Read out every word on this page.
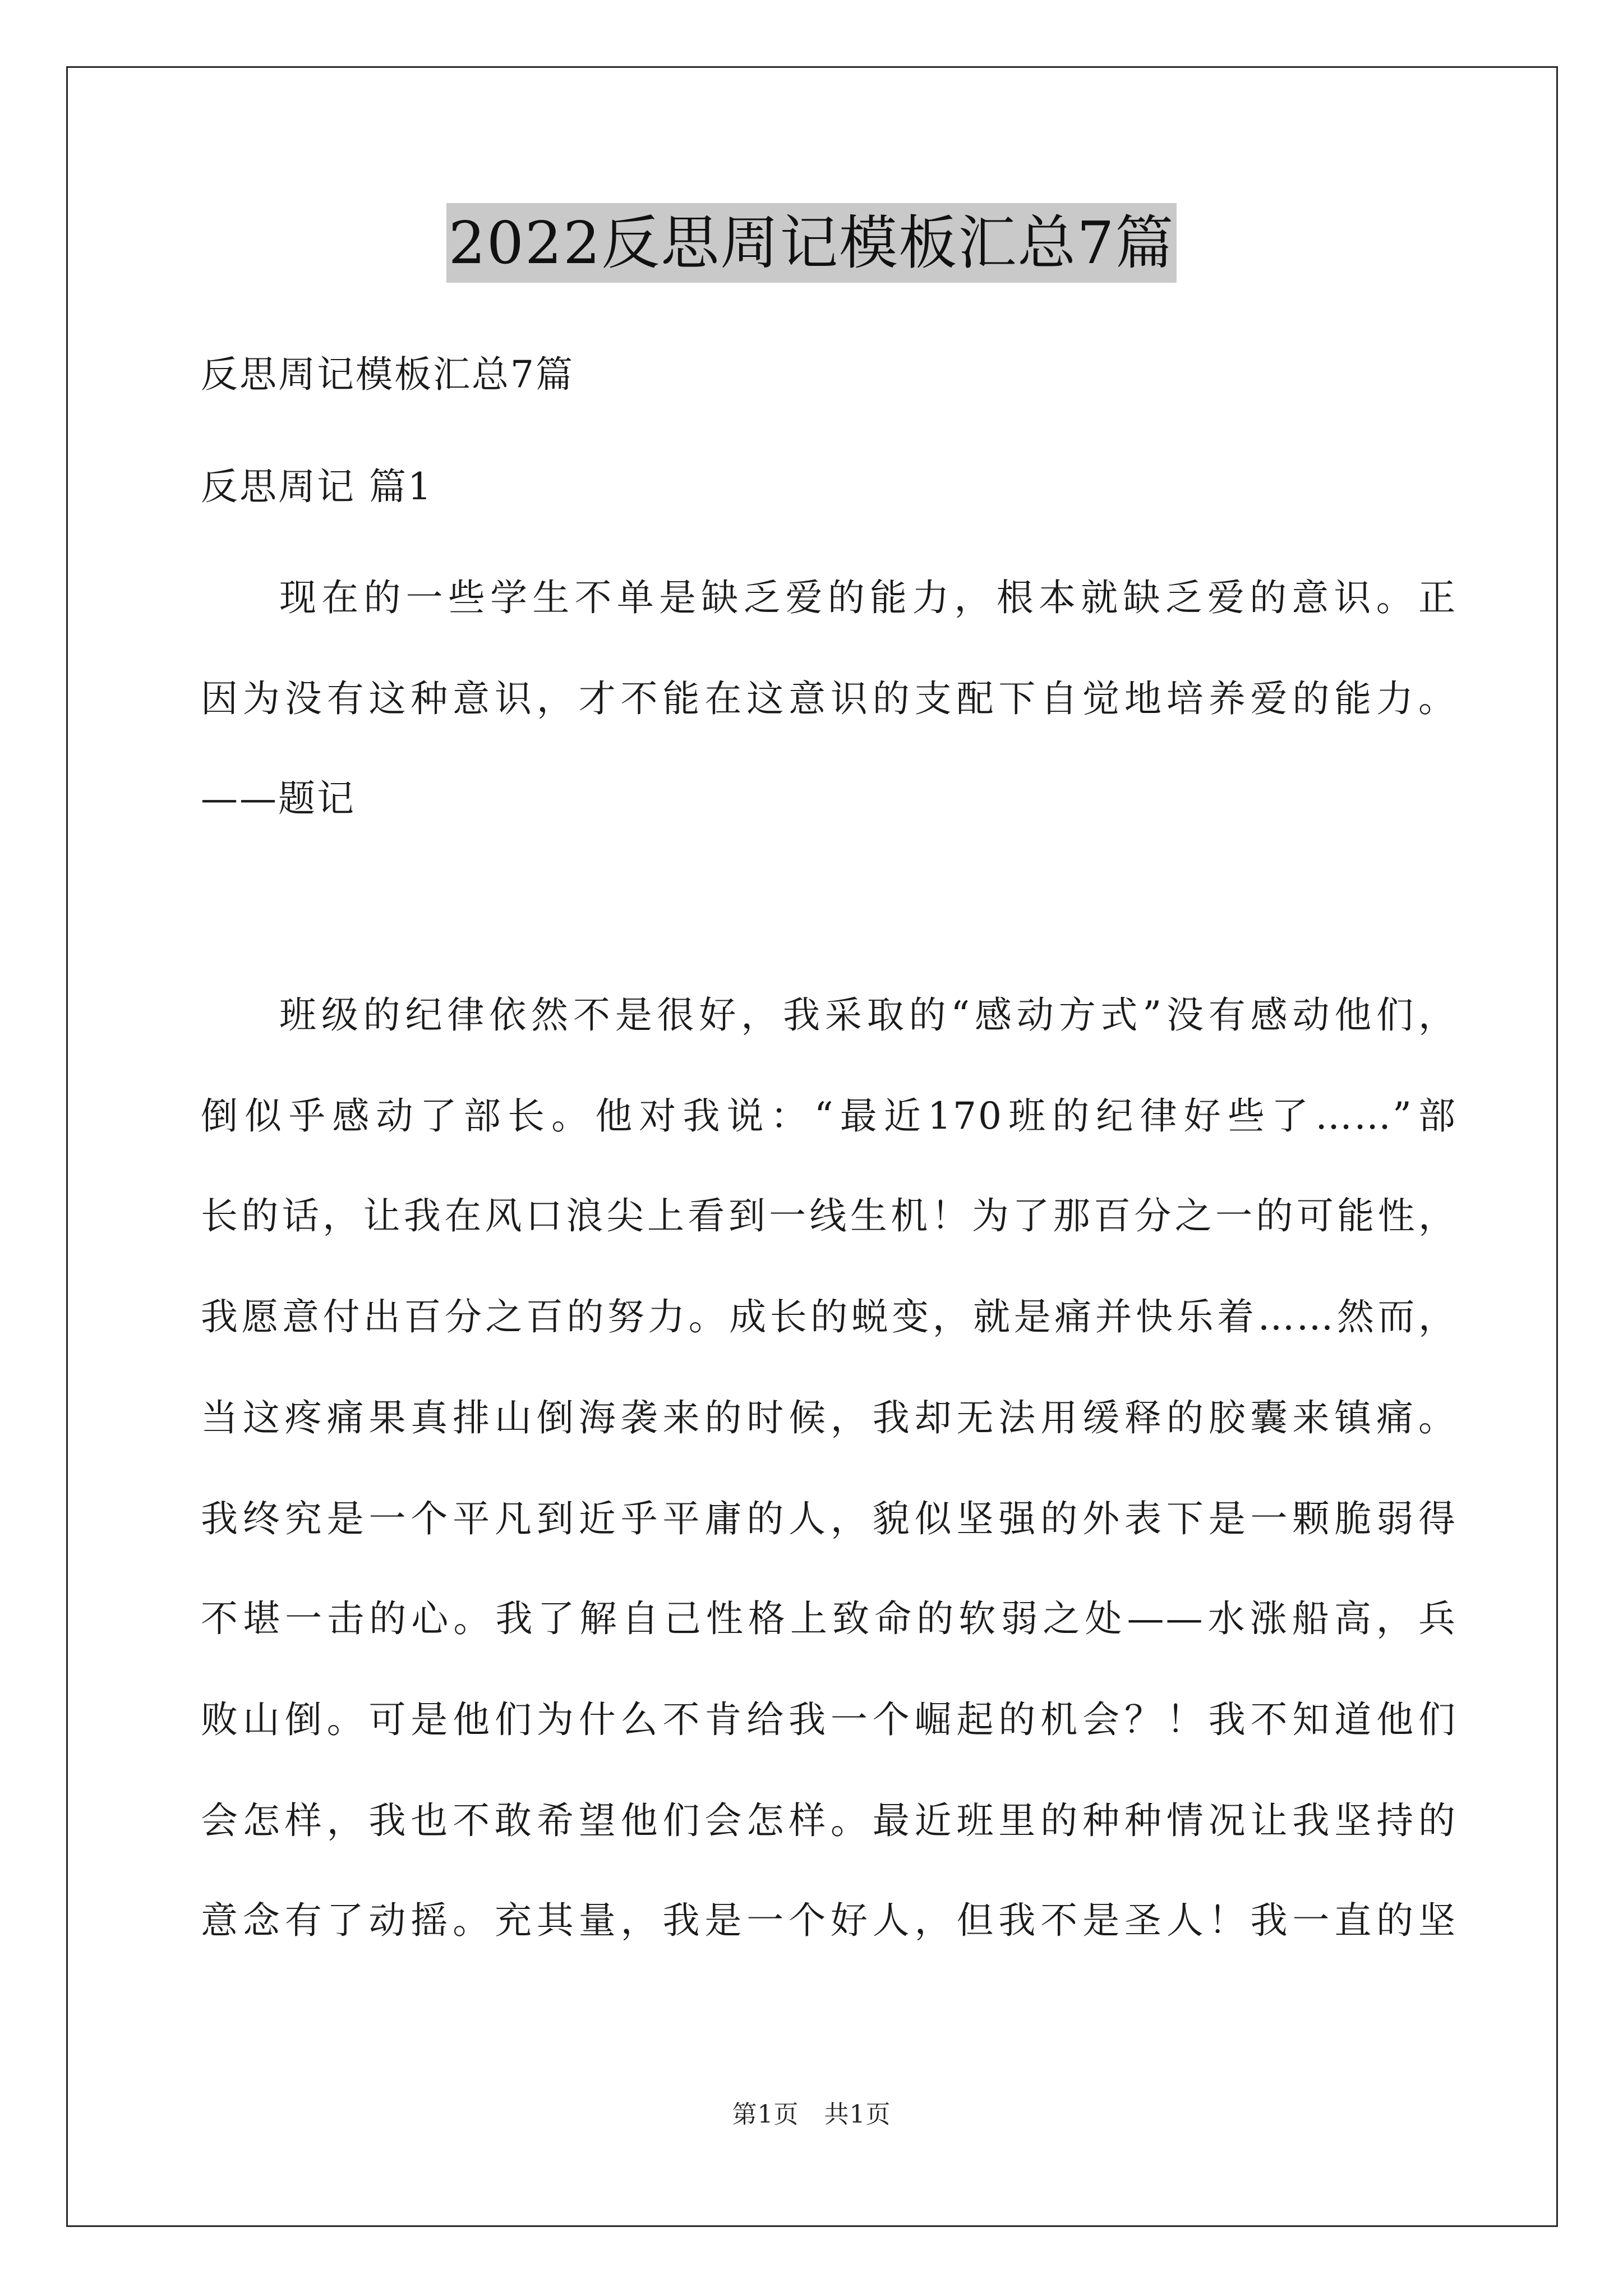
2022反思周记模板汇总7篇
反思周记模板汇总7篇
反思周记 篇1
现在的一些学生不单是缺乏爱的能力，根本就缺乏爱的意识。正
因为没有这种意识，才不能在这意识的支配下自觉地培养爱的能力。
——题记
班级的纪律依然不是很好，我采取的“感动方式”没有感动他们，
倒似乎感动了部长。他对我说：“最近170班的纪律好些了……”部
长的话，让我在风口浪尖上看到一线生机！为了那百分之一的可能性，
我愿意付出百分之百的努力。成长的蜕变，就是痛并快乐着……然而，
当这疼痛果真排山倒海袭来的时候，我却无法用缓释的胶囊来镇痛。
我终究是一个平凡到近乎平庸的人，貌似坚强的外表下是一颗脆弱得
不堪一击的心。我了解自己性格上致命的软弱之处——水涨船高，兵
败山倒。可是他们为什么不肯给我一个崛起的机会？！我不知道他们
会怎样，我也不敢希望他们会怎样。最近班里的种种情况让我坚持的
意念有了动摇。充其量，我是一个好人，但我不是圣人！我一直的坚
第1页　共1页
